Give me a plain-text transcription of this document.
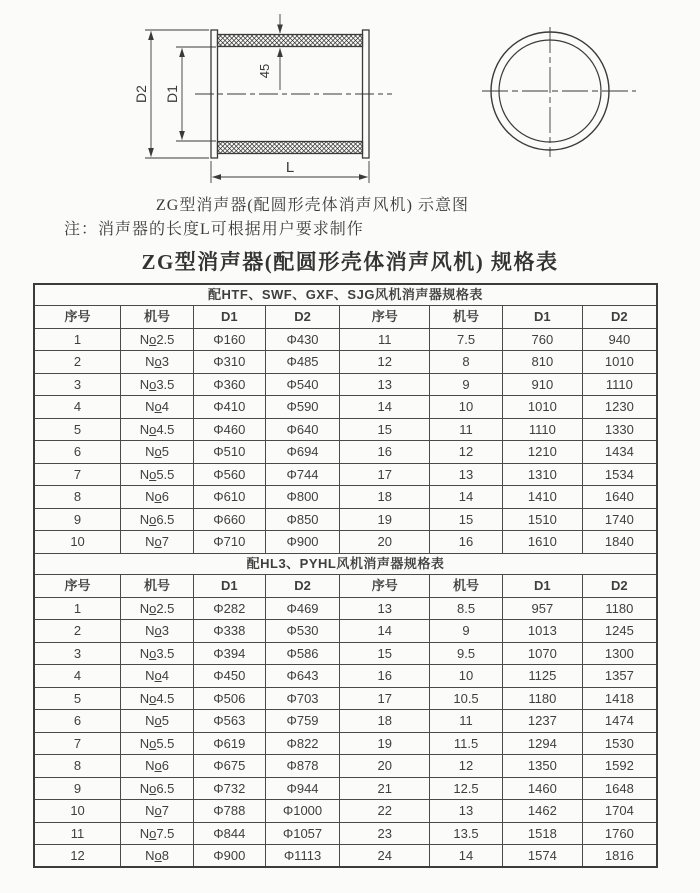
D2 D1
45
L
ZG型消声器(配圆形壳体消声风机) 示意图
注：消声器的长度L可根据用户要求制作
ZG型消声器(配圆形壳体消声风机) 规格表
配HTF、SWF、GXF、SJG风机消声器规格表							
序号	机号	D1	D2	序号	机号	D1	D2
1	No2.5	Φ160	Φ430	11	7.5	760	940
2	No3	Φ310	Φ485	12	8	810	1010
3	No3.5	Φ360	Φ540	13	9	910	1110
4	No4	Φ410	Φ590	14	10	1010	1230
5	No4.5	Φ460	Φ640	15	11	1110	1330
6	No5	Φ510	Φ694	16	12	1210	1434
7	No5.5	Φ560	Φ744	17	13	1310	1534
8	No6	Φ610	Φ800	18	14	1410	1640
9	No6.5	Φ660	Φ850	19	15	1510	1740
10	No7	Φ710	Φ900	20	16	1610	1840
配HL3、PYHL风机消声器规格表							
序号	机号	D1	D2	序号	机号	D1	D2
1	No2.5	Φ282	Φ469	13	8.5	957	1180
2	No3	Φ338	Φ530	14	9	1013	1245
3	No3.5	Φ394	Φ586	15	9.5	1070	1300
4	No4	Φ450	Φ643	16	10	1125	1357
5	No4.5	Φ506	Φ703	17	10.5	1180	1418
6	No5	Φ563	Φ759	18	11	1237	1474
7	No5.5	Φ619	Φ822	19	11.5	1294	1530
8	No6	Φ675	Φ878	20	12	1350	1592
9	No6.5	Φ732	Φ944	21	12.5	1460	1648
10	No7	Φ788	Φ1000	22	13	1462	1704
11	No7.5	Φ844	Φ1057	23	13.5	1518	1760
12	No8	Φ900	Φ1113	24	14	1574	1816
